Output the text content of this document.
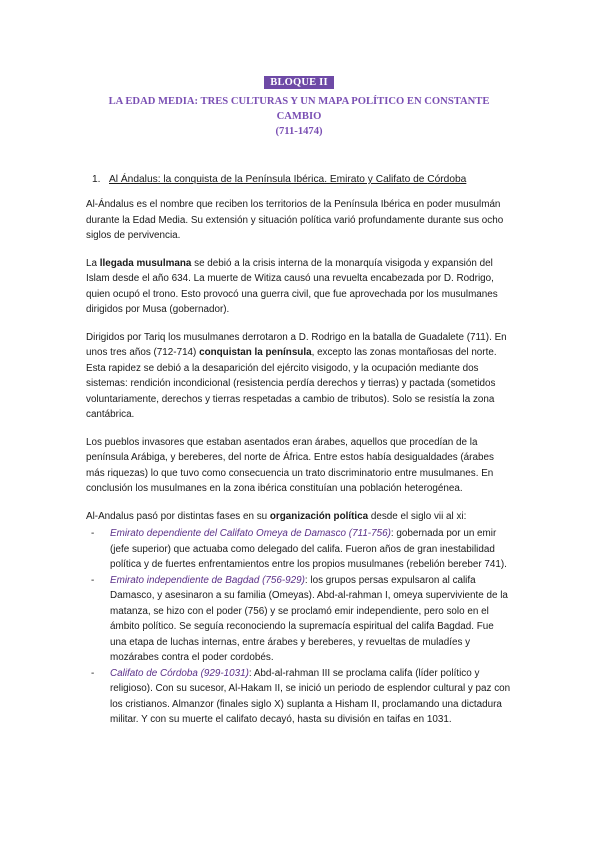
BLOQUE II
LA EDAD MEDIA: TRES CULTURAS Y UN MAPA POLÍTICO EN CONSTANTE CAMBIO
(711-1474)
1. Al Ándalus: la conquista de la Península Ibérica. Emirato y Califato de Córdoba

Al-Ándalus es el nombre que reciben los territorios de la Península Ibérica en poder musulmán durante la Edad Media. Su extensión y situación política varió profundamente durante sus ocho siglos de pervivencia.

La llegada musulmana se debió a la crisis interna de la monarquía visigoda y expansión del Islam desde el año 634. La muerte de Witiza causó una revuelta encabezada por D. Rodrigo, quien ocupó el trono. Esto provocó una guerra civil, que fue aprovechada por los musulmanes dirigidos por Musa (gobernador).

Dirigidos por Tariq los musulmanes derrotaron a D. Rodrigo en la batalla de Guadalete (711). En unos tres años (712-714) conquistan la península, excepto las zonas montañosas del norte. Esta rapidez se debió a la desaparición del ejército visigodo, y la ocupación mediante dos sistemas: rendición incondicional (resistencia perdía derechos y tierras) y pactada (sometidos voluntariamente, derechos y tierras respetadas a cambio de tributos). Solo se resistía la zona cantábrica.

Los pueblos invasores que estaban asentados eran árabes, aquellos que procedían de la península Arábiga, y bereberes, del norte de África. Entre estos había desigualdades (árabes más riquezas) lo que tuvo como consecuencia un trato discriminatorio entre musulmanes. En conclusión los musulmanes en la zona ibérica constituían una población heterogénea.

Al-Andalus pasó por distintas fases en su organización política desde el siglo vii al xi:

- Emirato dependiente del Califato Omeya de Damasco (711-756): gobernada por un emir (jefe superior) que actuaba como delegado del califa. Fueron años de gran inestabilidad política y de fuertes enfrentamientos entre los propios musulmanes (rebelión bereber 741).
- Emirato independiente de Bagdad (756-929): los grupos persas expulsaron al califa Damasco, y asesinaron a su familia (Omeyas). Abd-al-rahman I, omeya superviviente de la matanza, se hizo con el poder (756) y se proclamó emir independiente, pero solo en el ámbito político. Se seguía reconociendo la supremacía espiritual del califa Bagdad. Fue una etapa de luchas internas, entre árabes y bereberes, y revueltas de muladíes y mozárabes contra el poder cordobés.
- Califato de Córdoba (929-1031): Abd-al-rahman III se proclama califa (líder político y religioso). Con su sucesor, Al-Hakam II, se inició un periodo de esplendor cultural y paz con los cristianos. Almanzor (finales siglo X) suplanta a Hisham II, proclamando una dictadura militar. Y con su muerte el califato decayó, hasta su división en taifas en 1031.
